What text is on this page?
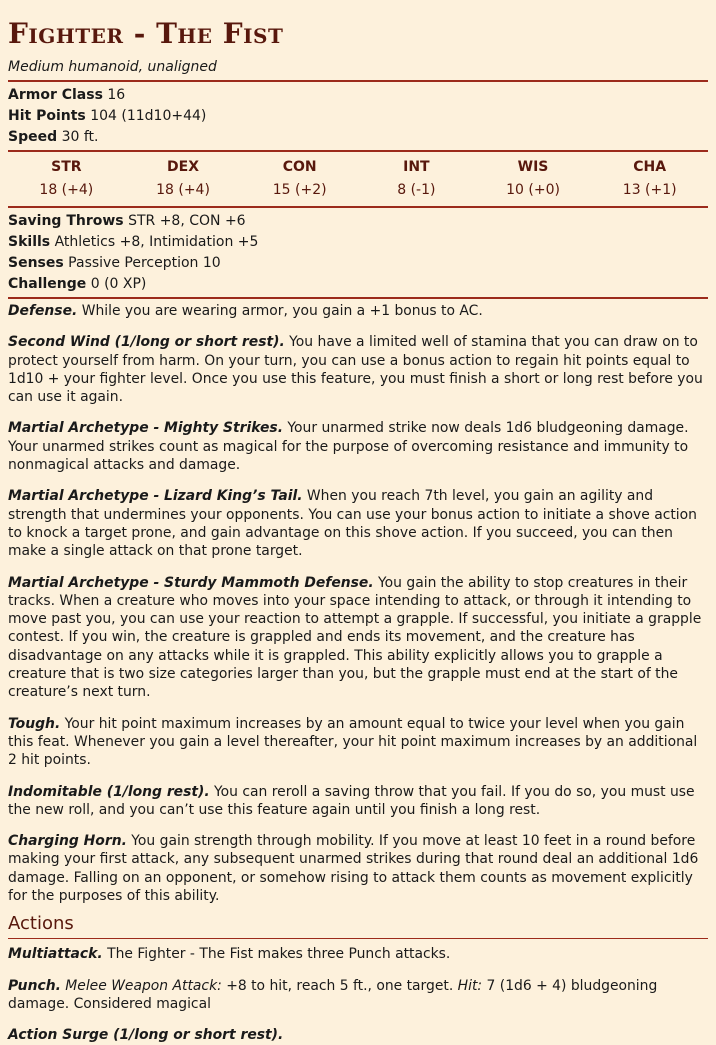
Fighter - The Fist
Medium humanoid, unaligned
Armor Class 16
Hit Points 104 (11d10+44)
Speed 30 ft.
STR
18 (+4)
DEX
18 (+4)
CON
15 (+2)
INT
8 (-1)
WIS
10 (+0)
CHA
13 (+1)
Saving Throws STR +8, CON +6
Skills Athletics +8, Intimidation +5
Senses Passive Perception 10
Challenge 0 (0 XP)

Defense. While you are wearing armor, you gain a +1 bonus to AC.

Second Wind (1/long or short rest). You have a limited well of stamina that you can draw on to protect yourself from harm. On your turn, you can use a bonus action to regain hit points equal to 1d10 + your fighter level. Once you use this feature, you must finish a short or long rest before you can use it again.

Martial Archetype - Mighty Strikes. Your unarmed strike now deals 1d6 bludgeoning damage. Your unarmed strikes count as magical for the purpose of overcoming resistance and immunity to nonmagical attacks and damage.

Martial Archetype - Lizard King’s Tail. When you reach 7th level, you gain an agility and strength that undermines your opponents. You can use your bonus action to initiate a shove action to knock a target prone, and gain advantage on this shove action. If you succeed, you can then make a single attack on that prone target.

Martial Archetype - Sturdy Mammoth Defense. You gain the ability to stop creatures in their tracks. When a creature who moves into your space intending to attack, or through it intending to move past you, you can use your reaction to attempt a grapple. If successful, you initiate a grapple contest. If you win, the creature is grappled and ends its movement, and the creature has disadvantage on any attacks while it is grappled. This ability explicitly allows you to grapple a creature that is two size categories larger than you, but the grapple must end at the start of the creature’s next turn.

Tough. Your hit point maximum increases by an amount equal to twice your level when you gain this feat. Whenever you gain a level thereafter, your hit point maximum increases by an additional 2 hit points.

Indomitable (1/long rest). You can reroll a saving throw that you fail. If you do so, you must use the new roll, and you can’t use this feature again until you finish a long rest.

Charging Horn. You gain strength through mobility. If you move at least 10 feet in a round before making your first attack, any subsequent unarmed strikes during that round deal an additional 1d6 damage. Falling on an opponent, or somehow rising to attack them counts as movement explicitly for the purposes of this ability.

Actions

Multiattack. The Fighter - The Fist makes three Punch attacks.

Punch. Melee Weapon Attack: +8 to hit, reach 5 ft., one target. Hit: 7 (1d6 + 4) bludgeoning damage. Considered magical

Action Surge (1/long or short rest).
